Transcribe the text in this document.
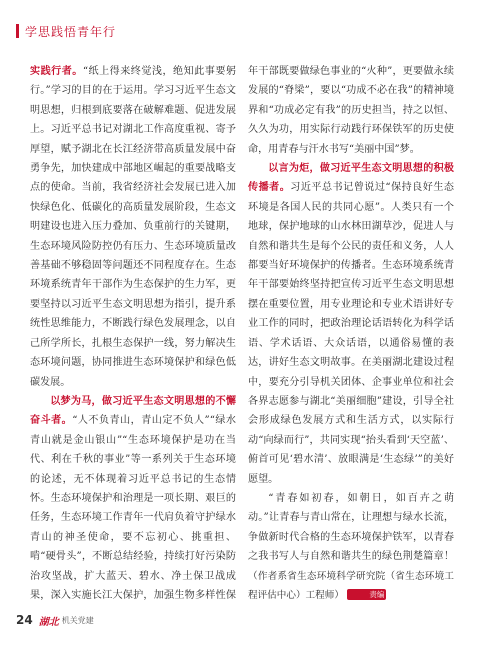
学思践悟青年行

实践行者。“纸上得来终觉浅，绝知此事要躬行。”学习的目的在于运用。学习习近平生态文明思想，归根到底要落在破解难题、促进发展上。习近平总书记对湖北工作高度重视、寄予厚望，赋予湖北在长江经济带高质量发展中奋勇争先，加快建成中部地区崛起的重要战略支点的使命。当前，我省经济社会发展已进入加快绿色化、低碳化的高质量发展阶段，生态文明建设也进入压力叠加、负重前行的关键期，生态环境风险防控仍有压力、生态环境质量改善基础不够稳固等问题还不同程度存在。生态环境系统青年干部作为生态保护的生力军，更要坚持以习近平生态文明思想为指引，提升系统性思维能力，不断践行绿色发展理念，以自己所学所长，扎根生态保护一线，努力解决生态环境问题，协同推进生态环境保护和绿色低碳发展。

以梦为马，做习近平生态文明思想的不懈奋斗者。“人不负青山，青山定不负人”“绿水青山就是金山银山”“生态环境保护是功在当代、利在千秋的事业”等一系列关于生态环境的论述，无不体现着习近平总书记的生态情怀。生态环境保护和治理是一项长期、艰巨的任务，生态环境工作青年一代肩负着守护绿水青山的神圣使命，要不忘初心、挑重担、啃“硬骨头”，不断总结经验，持续打好污染防治攻坚战，扩大蓝天、碧水、净土保卫战成果，深入实施长江大保护，加强生物多样性保

年干部既要做绿色事业的“火种”，更要做永续发展的“脊梁”，要以“功成不必在我”的精神境界和“功成必定有我”的历史担当，持之以恒、久久为功，用实际行动践行环保铁军的历史使命，用青春与汗水书写“美丽中国”梦。

以言为炬，做习近平生态文明思想的积极传播者。习近平总书记曾说过“保持良好生态环境是各国人民的共同心愿”。人类只有一个地球，保护地球的山水林田湖草沙，促进人与自然和谐共生是每个公民的责任和义务，人人都要当好环境保护的传播者。生态环境系统青年干部要始终坚持把宣传习近平生态文明思想摆在重要位置，用专业理论和专业术语讲好专业工作的同时，把政治理论话语转化为科学话语、学术话语、大众话语，以通俗易懂的表达，讲好生态文明故事。在美丽湖北建设过程中，要充分引导机关团体、企事业单位和社会各界志愿参与湖北“美丽细胞”建设，引导全社会形成绿色发展方式和生活方式，以实际行动“向绿而行”，共同实现“抬头看到‘天空蓝’、俯首可见‘碧水清’、放眼满是‘生态绿’”的美好愿望。

“青春如初春，如朝日，如百卉之萌动。”让青春与青山常在，让理想与绿水长流，争做新时代合格的生态环境保护铁军，以青春之我书写人与自然和谐共生的绿色荆楚篇章！（作者系省生态环境科学研究院（省生态环境工程评估中心）工程师）	责编

24 湖北 机关党建
